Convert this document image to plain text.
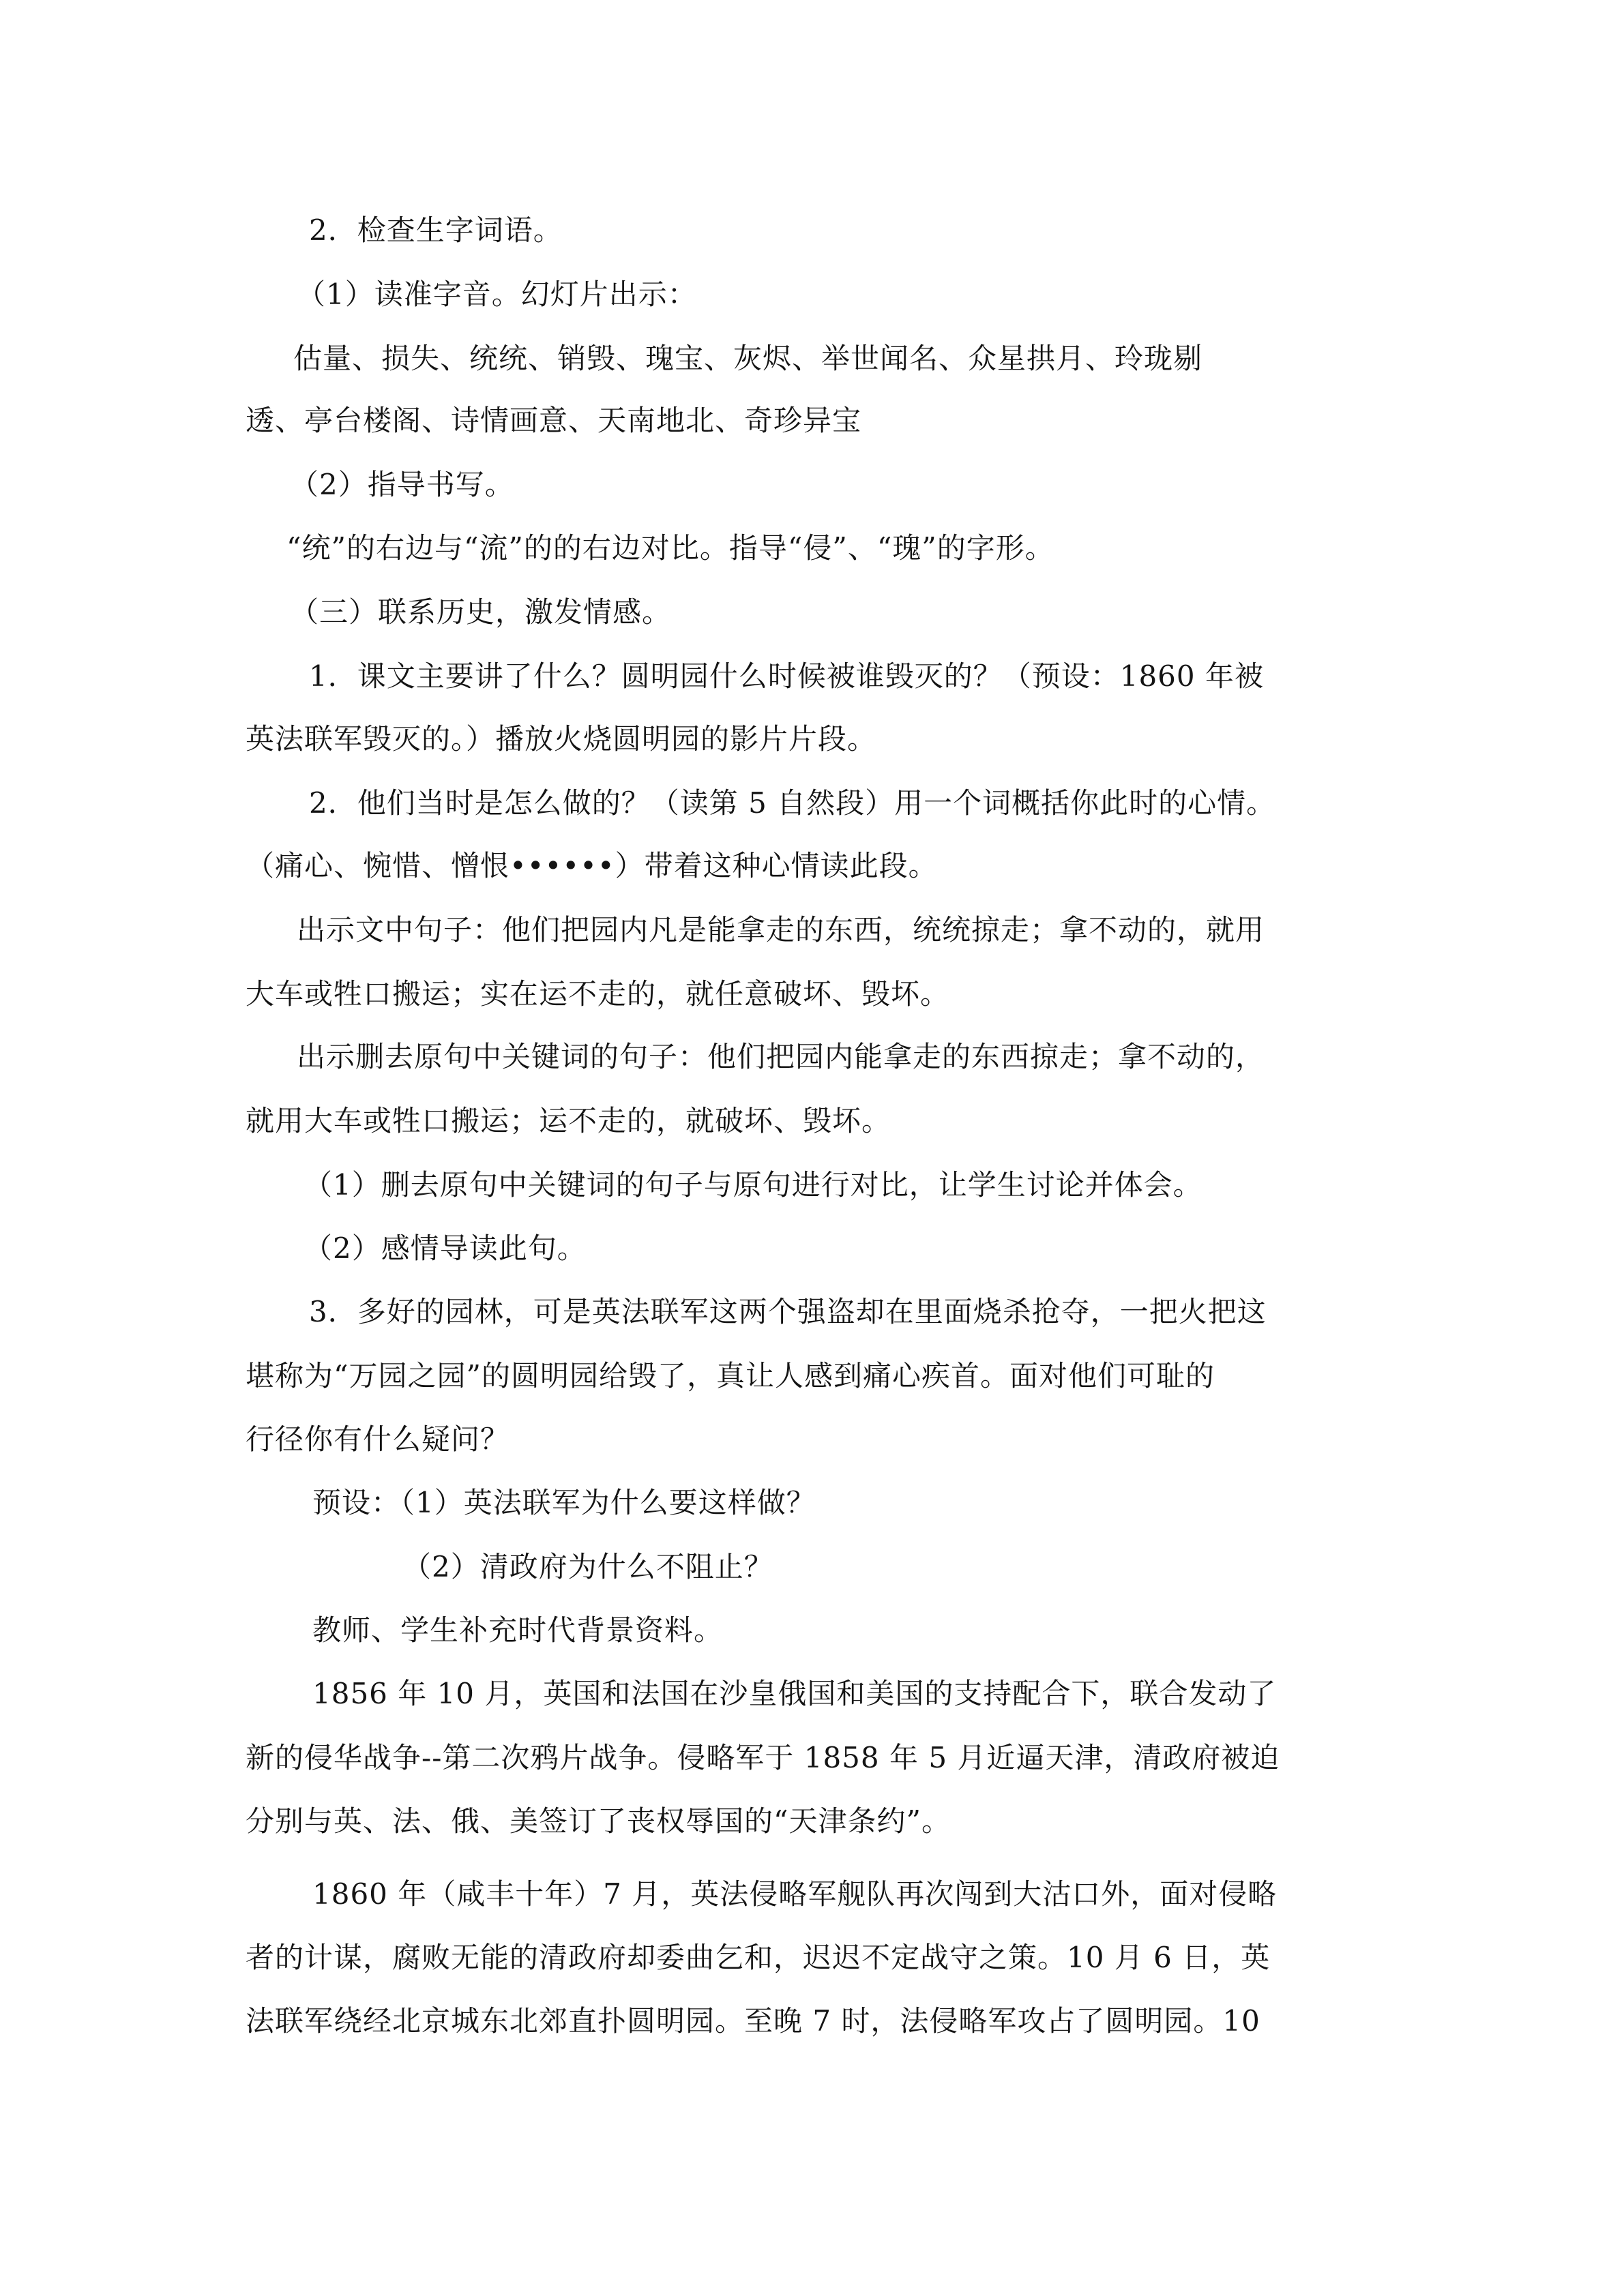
2．检查生字词语。
（1）读准字音。幻灯片出示：
估量、损失、统统、销毁、瑰宝、灰烬、举世闻名、众星拱月、玲珑剔
透、亭台楼阁、诗情画意、天南地北、奇珍异宝
（2）指导书写。
“统”的右边与“流”的的右边对比。指导“侵”、“瑰”的字形。
（三）联系历史，激发情感。
1．课文主要讲了什么？圆明园什么时候被谁毁灭的？（预设：1860 年被
英法联军毁灭的。）播放火烧圆明园的影片片段。
2．他们当时是怎么做的？（读第 5 自然段）用一个词概括你此时的心情。
（痛心、惋惜、憎恨••••••）带着这种心情读此段。
出示文中句子：他们把园内凡是能拿走的东西，统统掠走；拿不动的，就用
大车或牲口搬运；实在运不走的，就任意破坏、毁坏。
出示删去原句中关键词的句子：他们把园内能拿走的东西掠走；拿不动的，
就用大车或牲口搬运；运不走的，就破坏、毁坏。
（1）删去原句中关键词的句子与原句进行对比，让学生讨论并体会。
（2）感情导读此句。
3．多好的园林，可是英法联军这两个强盗却在里面烧杀抢夺，一把火把这
堪称为“万园之园”的圆明园给毁了，真让人感到痛心疾首。面对他们可耻的
行径你有什么疑问？
预设：（1）英法联军为什么要这样做？
（2）清政府为什么不阻止？
教师、学生补充时代背景资料。
1856 年 10 月，英国和法国在沙皇俄国和美国的支持配合下，联合发动了
新的侵华战争--第二次鸦片战争。侵略军于 1858 年 5 月近逼天津，清政府被迫
分别与英、法、俄、美签订了丧权辱国的“天津条约”。
1860 年（咸丰十年）7 月，英法侵略军舰队再次闯到大沽口外，面对侵略
者的计谋，腐败无能的清政府却委曲乞和，迟迟不定战守之策。10 月 6 日，英
法联军绕经北京城东北郊直扑圆明园。至晚 7 时，法侵略军攻占了圆明园。10
